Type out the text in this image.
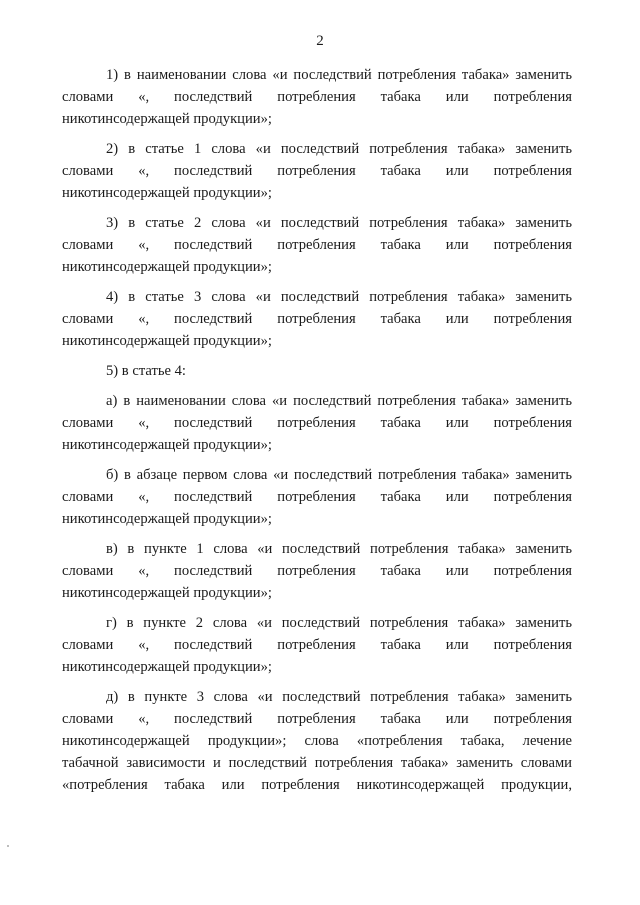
2
1) в наименовании слова «и последствий потребления табака» заменить
словами «, последствий потребления табака или потребления
никотинсодержащей продукции»;
2) в статье 1 слова «и последствий потребления табака» заменить
словами «, последствий потребления табака или потребления
никотинсодержащей продукции»;
3) в статье 2 слова «и последствий потребления табака» заменить
словами «, последствий потребления табака или потребления
никотинсодержащей продукции»;
4) в статье 3 слова «и последствий потребления табака» заменить
словами «, последствий потребления табака или потребления
никотинсодержащей продукции»;
5) в статье 4:
а) в наименовании слова «и последствий потребления табака» заменить
словами «, последствий потребления табака или потребления
никотинсодержащей продукции»;
б) в абзаце первом слова «и последствий потребления табака» заменить
словами «, последствий потребления табака или потребления
никотинсодержащей продукции»;
в) в пункте 1 слова «и последствий потребления табака» заменить
словами «, последствий потребления табака или потребления
никотинсодержащей продукции»;
г) в пункте 2 слова «и последствий потребления табака» заменить
словами «, последствий потребления табака или потребления
никотинсодержащей продукции»;
д) в пункте 3 слова «и последствий потребления табака» заменить
словами «, последствий потребления табака или потребления
никотинсодержащей продукции»; слова «потребления табака, лечение
табачной зависимости и последствий потребления табака» заменить словами
«потребления табака или потребления никотинсодержащей продукции,
